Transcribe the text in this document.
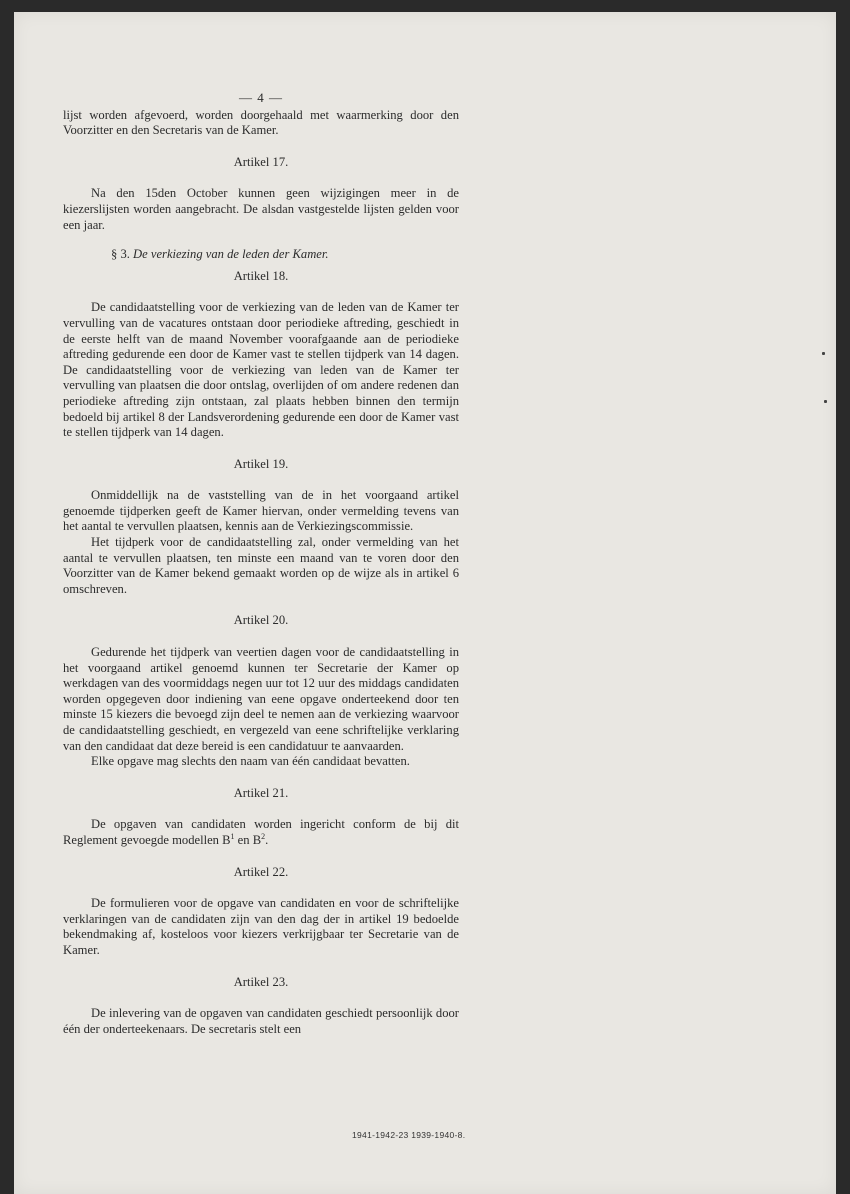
— 4 —
lijst worden afgevoerd, worden doorgehaald met waarmerking door den Voorzitter en den Secretaris van de Kamer.
Artikel 17.
Na den 15den October kunnen geen wijzigingen meer in de kiezerslijsten worden aangebracht. De alsdan vastgestelde lijsten gelden voor een jaar.
§ 3. De verkiezing van de leden der Kamer.
Artikel 18.
De candidaatstelling voor de verkiezing van de leden van de Kamer ter vervulling van de vacatures ontstaan door periodieke aftreding, geschiedt in de eerste helft van de maand November voorafgaande aan de periodieke aftreding gedurende een door de Kamer vast te stellen tijdperk van 14 dagen. De candidaatstelling voor de verkiezing van leden van de Kamer ter vervulling van plaatsen die door ontslag, overlijden of om andere redenen dan periodieke aftreding zijn ontstaan, zal plaats hebben binnen den termijn bedoeld bij artikel 8 der Landsverordening gedurende een door de Kamer vast te stellen tijdperk van 14 dagen.
Artikel 19.
Onmiddellijk na de vaststelling van de in het voorgaand artikel genoemde tijdperken geeft de Kamer hiervan, onder vermelding tevens van het aantal te vervullen plaatsen, kennis aan de Verkiezingscommissie.
Het tijdperk voor de candidaatstelling zal, onder vermelding van het aantal te vervullen plaatsen, ten minste een maand van te voren door den Voorzitter van de Kamer bekend gemaakt worden op de wijze als in artikel 6 omschreven.
Artikel 20.
Gedurende het tijdperk van veertien dagen voor de candidaatstelling in het voorgaand artikel genoemd kunnen ter Secretarie der Kamer op werkdagen van des voormiddags negen uur tot 12 uur des middags candidaten worden opgegeven door indiening van eene opgave onderteekend door ten minste 15 kiezers die bevoegd zijn deel te nemen aan de verkiezing waarvoor de candidaatstelling geschiedt, en vergezeld van eene schriftelijke verklaring van den candidaat dat deze bereid is een candidatuur te aanvaarden.
Elke opgave mag slechts den naam van één candidaat bevatten.
Artikel 21.
De opgaven van candidaten worden ingericht conform de bij dit Reglement gevoegde modellen $B^1$ en $B^2$.
Artikel 22.
De formulieren voor de opgave van candidaten en voor de schriftelijke verklaringen van de candidaten zijn van den dag der in artikel 19 bedoelde bekendmaking af, kosteloos voor kiezers verkrijgbaar ter Secretarie van de Kamer.
Artikel 23.
De inlevering van de opgaven van candidaten geschiedt persoonlijk door één der onderteekenaars. De secretaris stelt een
1941-1942-23 1939-1940-8.
